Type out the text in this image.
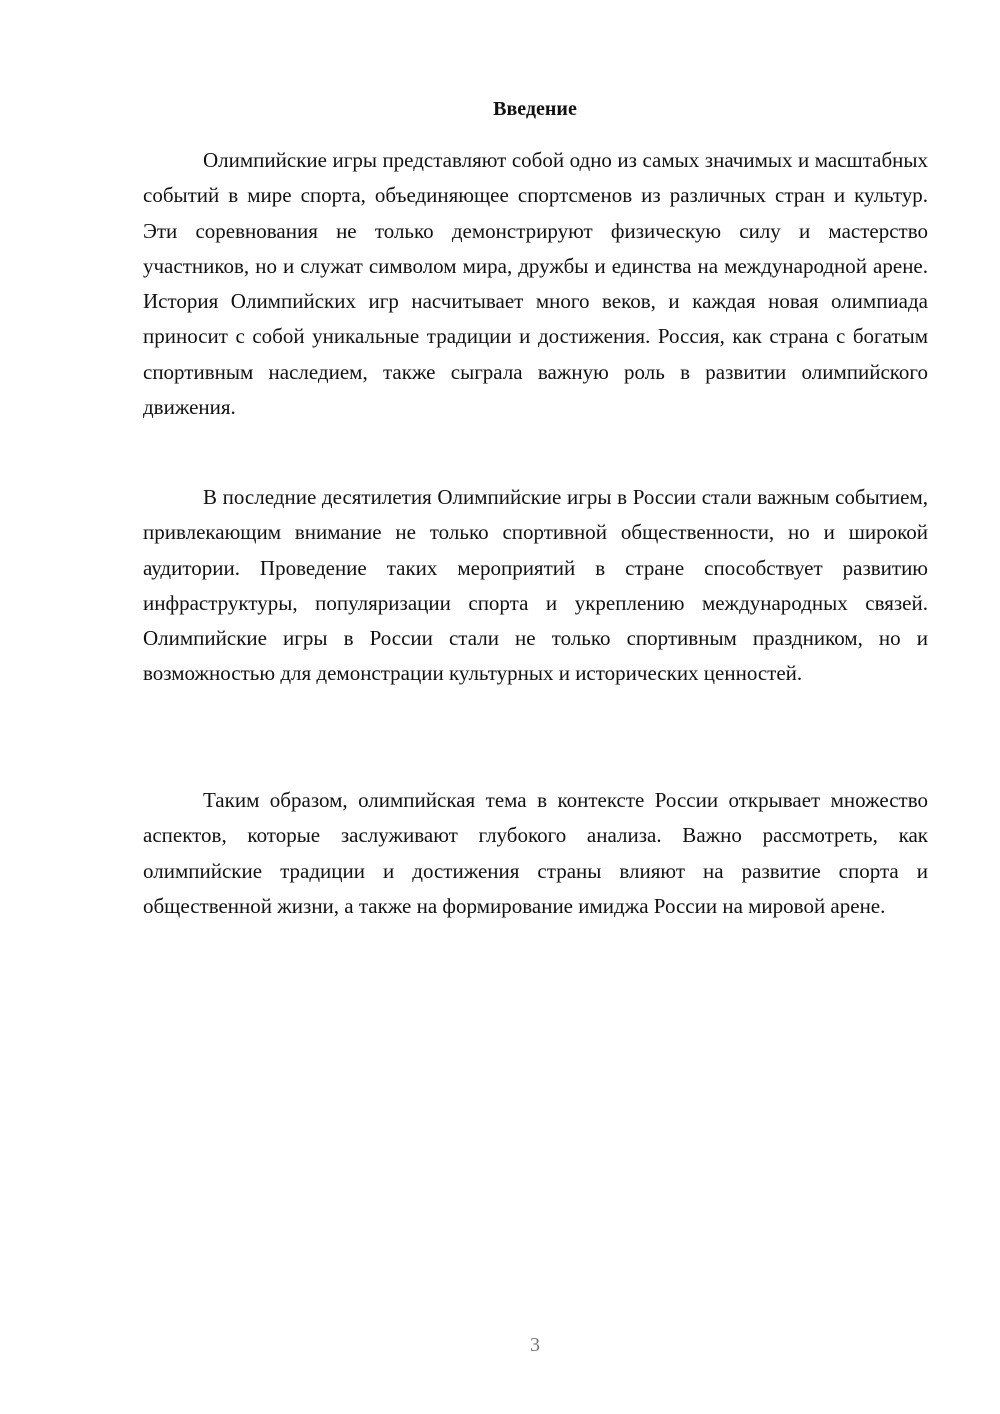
Введение

Олимпийские игры представляют собой одно из самых значимых и масштабных событий в мире спорта, объединяющее спортсменов из различных стран и культур. Эти соревнования не только демонстрируют физическую силу и мастерство участников, но и служат символом мира, дружбы и единства на международной арене. История Олимпийских игр насчитывает много веков, и каждая новая олимпиада приносит с собой уникальные традиции и достижения. Россия, как страна с богатым спортивным наследием, также сыграла важную роль в развитии олимпийского движения.

В последние десятилетия Олимпийские игры в России стали важным событием, привлекающим внимание не только спортивной общественности, но и широкой аудитории. Проведение таких мероприятий в стране способствует развитию инфраструктуры, популяризации спорта и укреплению международных связей. Олимпийские игры в России стали не только спортивным праздником, но и возможностью для демонстрации культурных и исторических ценностей.

Таким образом, олимпийская тема в контексте России открывает множество аспектов, которые заслуживают глубокого анализа. Важно рассмотреть, как олимпийские традиции и достижения страны влияют на развитие спорта и общественной жизни, а также на формирование имиджа России на мировой арене.

3
